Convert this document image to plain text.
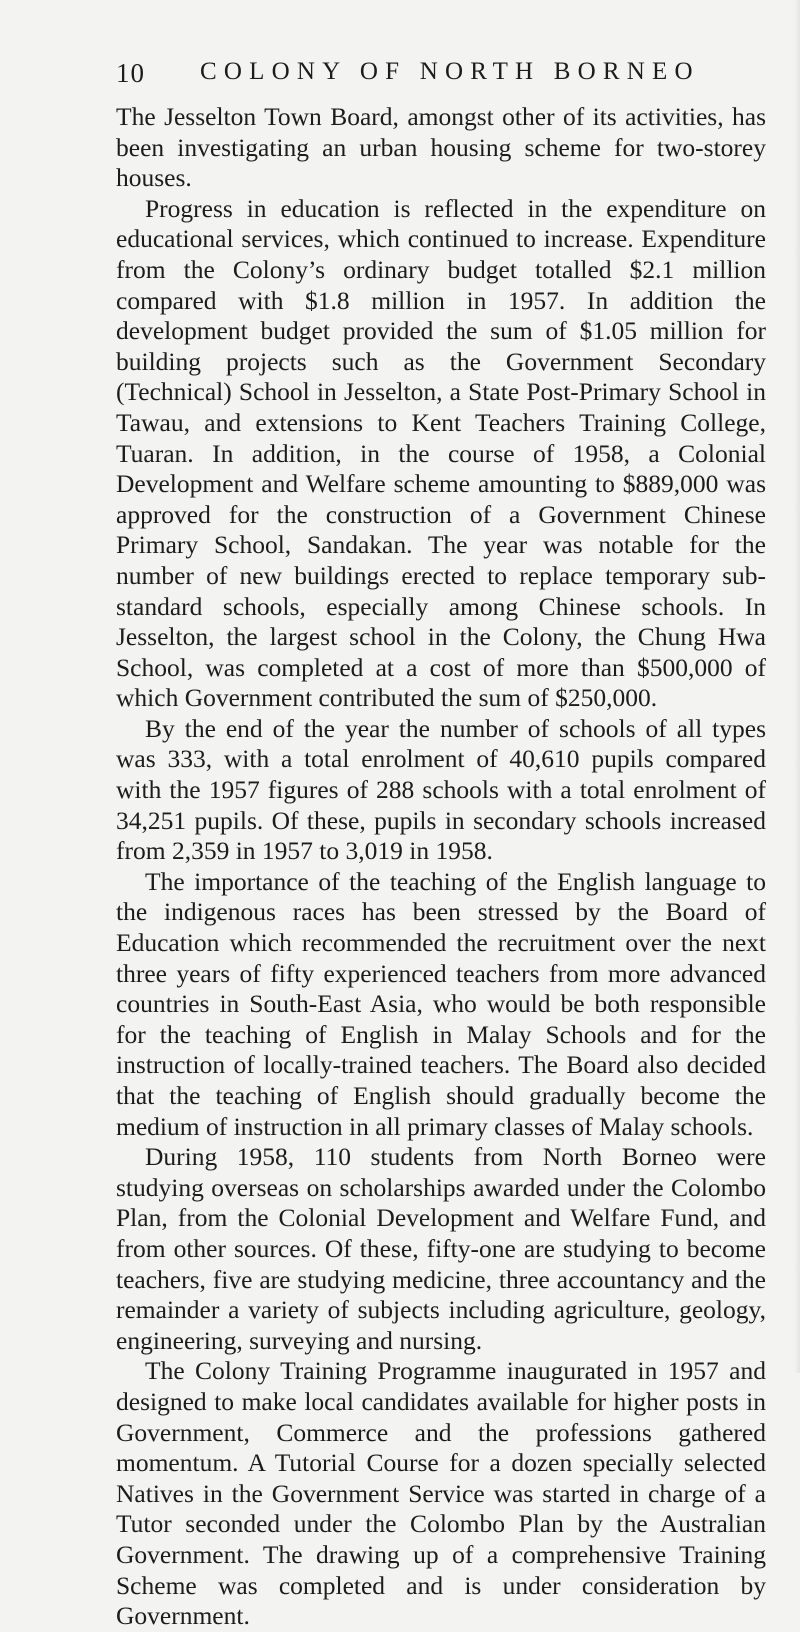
10 COLONY OF NORTH BORNEO

The Jesselton Town Board, amongst other of its activities, has been investigating an urban housing scheme for two-storey houses.

Progress in education is reflected in the expenditure on educational services, which continued to increase. Expenditure from the Colony’s ordinary budget totalled $2.1 million compared with $1.8 million in 1957. In addition the development budget provided the sum of $1.05 million for building projects such as the Government Secondary (Technical) School in Jesselton, a State Post-Primary School in Tawau, and extensions to Kent Teachers Training College, Tuaran. In addition, in the course of 1958, a Colonial Development and Welfare scheme amounting to $889,000 was approved for the construction of a Government Chinese Primary School, Sandakan. The year was notable for the number of new buildings erected to replace temporary sub-standard schools, especially among Chinese schools. In Jesselton, the largest school in the Colony, the Chung Hwa School, was completed at a cost of more than $500,000 of which Government contributed the sum of $250,000.

By the end of the year the number of schools of all types was 333, with a total enrolment of 40,610 pupils compared with the 1957 figures of 288 schools with a total enrolment of 34,251 pupils. Of these, pupils in secondary schools increased from 2,359 in 1957 to 3,019 in 1958.

The importance of the teaching of the English language to the indigenous races has been stressed by the Board of Education which recommended the recruitment over the next three years of fifty experienced teachers from more advanced countries in South-East Asia, who would be both responsible for the teaching of English in Malay Schools and for the instruction of locally-trained teachers. The Board also decided that the teaching of English should gradually become the medium of instruction in all primary classes of Malay schools.

During 1958, 110 students from North Borneo were studying overseas on scholarships awarded under the Colombo Plan, from the Colonial Development and Welfare Fund, and from other sources. Of these, fifty-one are studying to become teachers, five are studying medicine, three accountancy and the remainder a variety of subjects including agriculture, geology, engineering, surveying and nursing.

The Colony Training Programme inaugurated in 1957 and designed to make local candidates available for higher posts in Government, Commerce and the professions gathered momentum. A Tutorial Course for a dozen specially selected Natives in the Government Service was started in charge of a Tutor seconded under the Colombo Plan by the Australian Government. The drawing up of a comprehensive Training Scheme was completed and is under consideration by Government.
